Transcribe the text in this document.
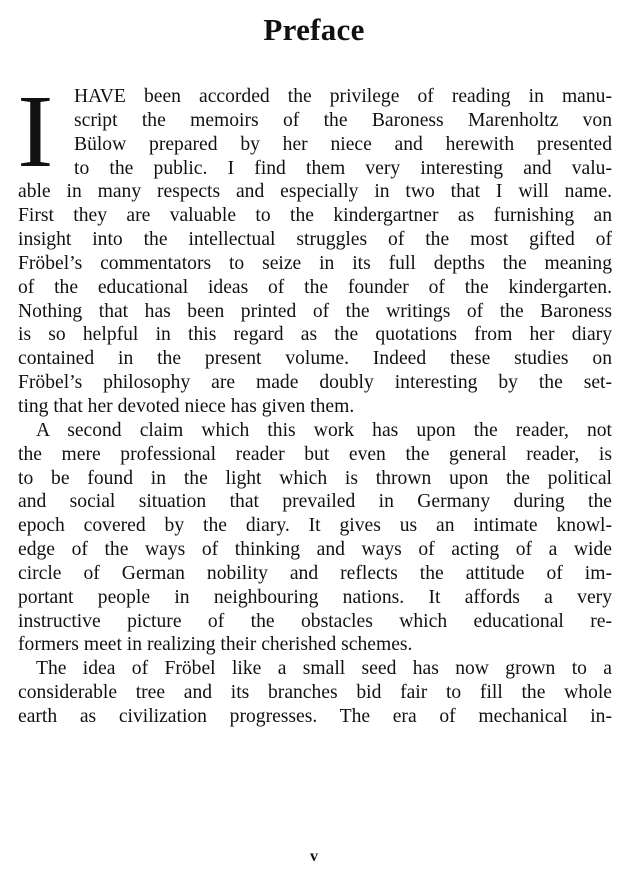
Preface
I	HAVE been accorded the privilege of reading in manu-
script the memoirs of the Baroness Marenholtz von
Bülow prepared by her niece and herewith presented
to the public. I find them very interesting and valu-
able in many respects and especially in two that I will name.
First they are valuable to the kindergartner as furnishing an
insight into the intellectual struggles of the most gifted of
Fröbel’s commentators to seize in its full depths the meaning
of the educational ideas of the founder of the kindergarten.
Nothing that has been printed of the writings of the Baroness
is so helpful in this regard as the quotations from her diary
contained in the present volume. Indeed these studies on
Fröbel’s philosophy are made doubly interesting by the set-
ting that her devoted niece has given them.
A second claim which this work has upon the reader, not
the mere professional reader but even the general reader, is
to be found in the light which is thrown upon the political
and social situation that prevailed in Germany during the
epoch covered by the diary. It gives us an intimate knowl-
edge of the ways of thinking and ways of acting of a wide
circle of German nobility and reflects the attitude of im-
portant people in neighbouring nations. It affords a very
instructive picture of the obstacles which educational re-
formers meet in realizing their cherished schemes.
The idea of Fröbel like a small seed has now grown to a
considerable tree and its branches bid fair to fill the whole
earth as civilization progresses. The era of mechanical in-
v
